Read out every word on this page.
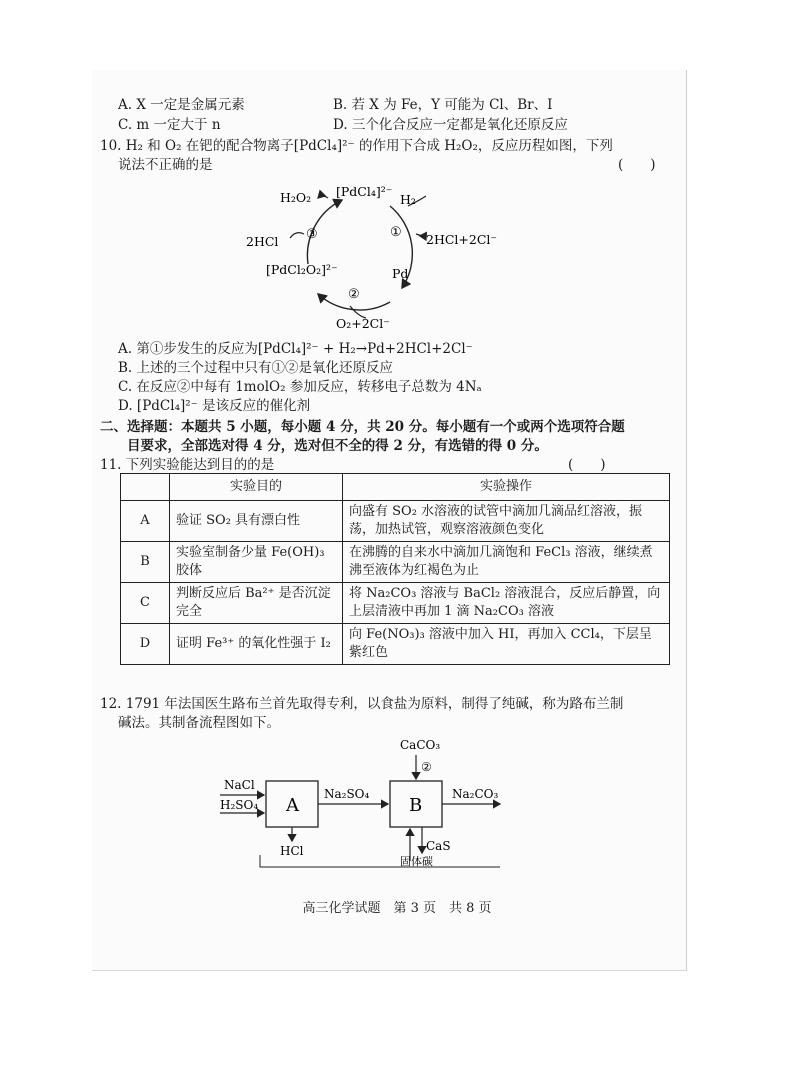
A. X 一定是金属元素	B. 若 X 为 Fe，Y 可能为 Cl、Br、I
C. m 一定大于 n	D. 三个化合反应一定都是氧化还原反应
10. H₂ 和 O₂ 在钯的配合物离子[PdCl₄]²⁻ 的作用下合成 H₂O₂，反应历程如图，下列
说法不正确的是	(　　)
[PdCl₄]²⁻
H₂O₂	H₂
2HCl+2Cl⁻
Pd
O₂+2Cl⁻
[PdCl₂O₂]²⁻
2HCl
①
②
③
A. 第①步发生的反应为[PdCl₄]²⁻ + H₂→Pd+2HCl+2Cl⁻
B. 上述的三个过程中只有①②是氧化还原反应
C. 在反应②中每有 1molO₂ 参加反应，转移电子总数为 4Nₐ
D. [PdCl₄]²⁻ 是该反应的催化剂
二、选择题：本题共 5 小题，每小题 4 分，共 20 分。每小题有一个或两个选项符合题
　　目要求，全部选对得 4 分，选对但不全的得 2 分，有选错的得 0 分。
11. 下列实验能达到目的的是	(　　)
	实验目的	实验操作
A	验证 SO₂ 具有漂白性	向盛有 SO₂ 水溶液的试管中滴加几滴品红溶液，振荡，加热试管，观察溶液颜色变化
B	实验室制备少量 Fe(OH)₃ 胶体	在沸腾的自来水中滴加几滴饱和 FeCl₃ 溶液，继续煮沸至液体为红褐色为止
C	判断反应后 Ba²⁺ 是否沉淀完全	将 Na₂CO₃ 溶液与 BaCl₂ 溶液混合，反应后静置，向上层清液中再加 1 滴 Na₂CO₃ 溶液
D	证明 Fe³⁺ 的氧化性强于 I₂	向 Fe(NO₃)₃ 溶液中加入 HI，再加入 CCl₄，下层呈紫红色
12. 1791 年法国医生路布兰首先取得专利，以食盐为原料，制得了纯碱，称为路布兰制
碱法。其制备流程图如下。
NaCl
H₂SO₄ A
Na₂SO₄
B
CaCO₃
②
Na₂CO₃
HCl	CaS
固体碳
高三化学试题　第 3 页　共 8 页
